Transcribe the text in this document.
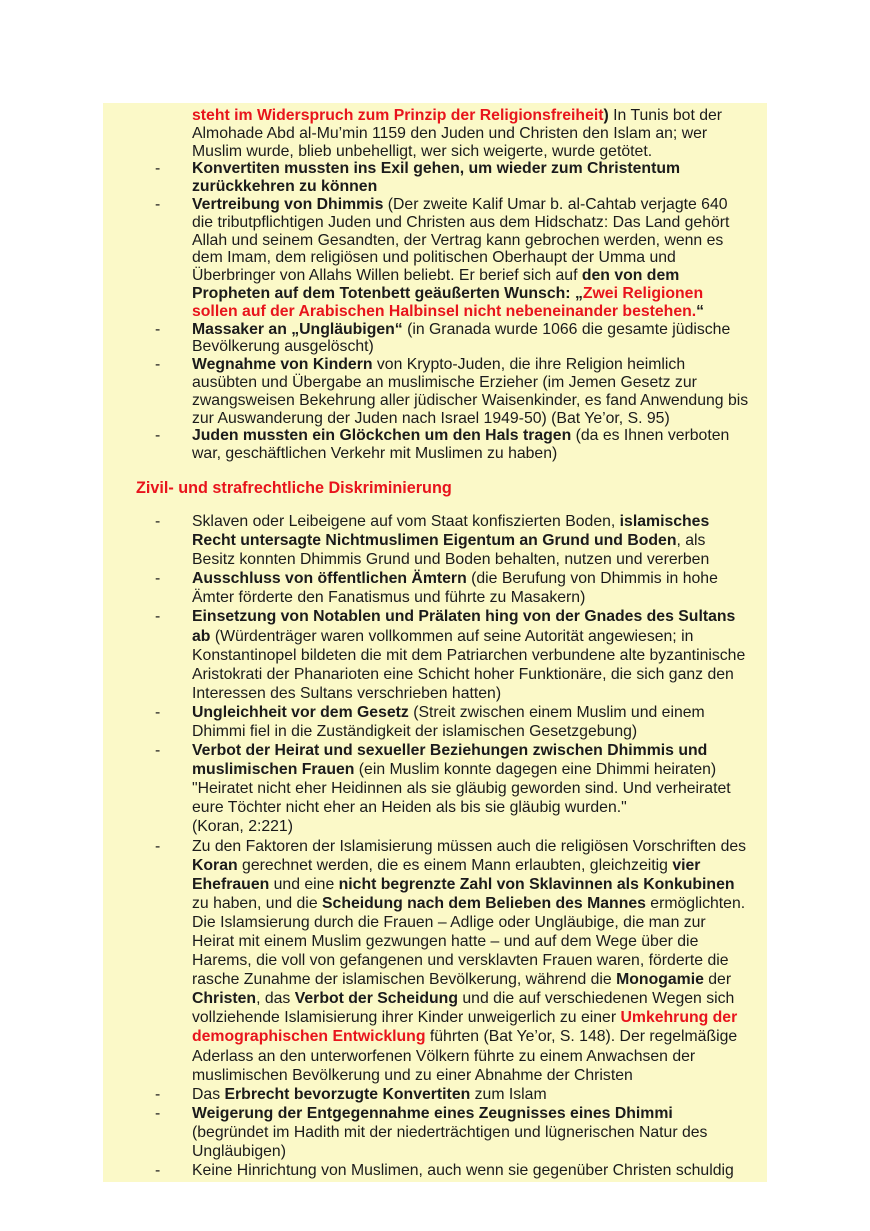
steht im Widerspruch zum Prinzip der Religionsfreiheit) In Tunis bot der Almohade Abd al-Mu’min 1159 den Juden und Christen den Islam an; wer Muslim wurde, blieb unbehelligt, wer sich weigerte, wurde getötet.

- Konvertiten mussten ins Exil gehen, um wieder zum Christentum zurückkehren zu können
- Vertreibung von Dhimmis (Der zweite Kalif Umar b. al-Cahtab verjagte 640 die tributpflichtigen Juden und Christen aus dem Hidschatz: Das Land gehört Allah und seinem Gesandten, der Vertrag kann gebrochen werden, wenn es dem Imam, dem religiösen und politischen Oberhaupt der Umma und Überbringer von Allahs Willen beliebt. Er berief sich auf den von dem Propheten auf dem Totenbett geäußerten Wunsch: „Zwei Religionen sollen auf der Arabischen Halbinsel nicht nebeneinander bestehen.“
- Massaker an „Ungläubigen“ (in Granada wurde 1066 die gesamte jüdische Bevölkerung ausgelöscht)
- Wegnahme von Kindern von Krypto-Juden, die ihre Religion heimlich ausübten und Übergabe an muslimische Erzieher (im Jemen Gesetz zur zwangsweisen Bekehrung aller jüdischer Waisenkinder, es fand Anwendung bis zur Auswanderung der Juden nach Israel 1949-50) (Bat Ye’or, S. 95)
- Juden mussten ein Glöckchen um den Hals tragen (da es Ihnen verboten war, geschäftlichen Verkehr mit Muslimen zu haben)
Zivil- und strafrechtliche Diskriminierung
- Sklaven oder Leibeigene auf vom Staat konfiszierten Boden, islamisches Recht untersagte Nichtmuslimen Eigentum an Grund und Boden, als Besitz konnten Dhimmis Grund und Boden behalten, nutzen und vererben
- Ausschluss von öffentlichen Ämtern (die Berufung von Dhimmis in hohe Ämter förderte den Fanatismus und führte zu Masakern)
- Einsetzung von Notablen und Prälaten hing von der Gnades des Sultans ab (Würdenträger waren vollkommen auf seine Autorität angewiesen; in Konstantinopel bildeten die mit dem Patriarchen verbundene alte byzantinische Aristokrati der Phanarioten eine Schicht hoher Funktionäre, die sich ganz den Interessen des Sultans verschrieben hatten)
- Ungleichheit vor dem Gesetz (Streit zwischen einem Muslim und einem Dhimmi fiel in die Zuständigkeit der islamischen Gesetzgebung)
- Verbot der Heirat und sexueller Beziehungen zwischen Dhimmis und muslimischen Frauen (ein Muslim konnte dagegen eine Dhimmi heiraten)
"Heiratet nicht eher Heidinnen als sie gläubig geworden sind. Und verheiratet eure Töchter nicht eher an Heiden als bis sie gläubig wurden."
(Koran, 2:221)
- Zu den Faktoren der Islamisierung müssen auch die religiösen Vorschriften des Koran gerechnet werden, die es einem Mann erlaubten, gleichzeitig vier Ehefrauen und eine nicht begrenzte Zahl von Sklavinnen als Konkubinen zu haben, und die Scheidung nach dem Belieben des Mannes ermöglichten. Die Islamsierung durch die Frauen – Adlige oder Ungläubige, die man zur Heirat mit einem Muslim gezwungen hatte – und auf dem Wege über die Harems, die voll von gefangenen und versklavten Frauen waren, förderte die rasche Zunahme der islamischen Bevölkerung, während die Monogamie der Christen, das Verbot der Scheidung und die auf verschiedenen Wegen sich vollziehende Islamisierung ihrer Kinder unweigerlich zu einer Umkehrung der demographischen Entwicklung führten (Bat Ye’or, S. 148). Der regelmäßige Aderlass an den unterworfenen Völkern führte zu einem Anwachsen der muslimischen Bevölkerung und zu einer Abnahme der Christen
- Das Erbrecht bevorzugte Konvertiten zum Islam
- Weigerung der Entgegennahme eines Zeugnisses eines Dhimmi
(begründet im Hadith mit der niederträchtigen und lügnerischen Natur des Ungläubigen)
- Keine Hinrichtung von Muslimen, auch wenn sie gegenüber Christen schuldig
